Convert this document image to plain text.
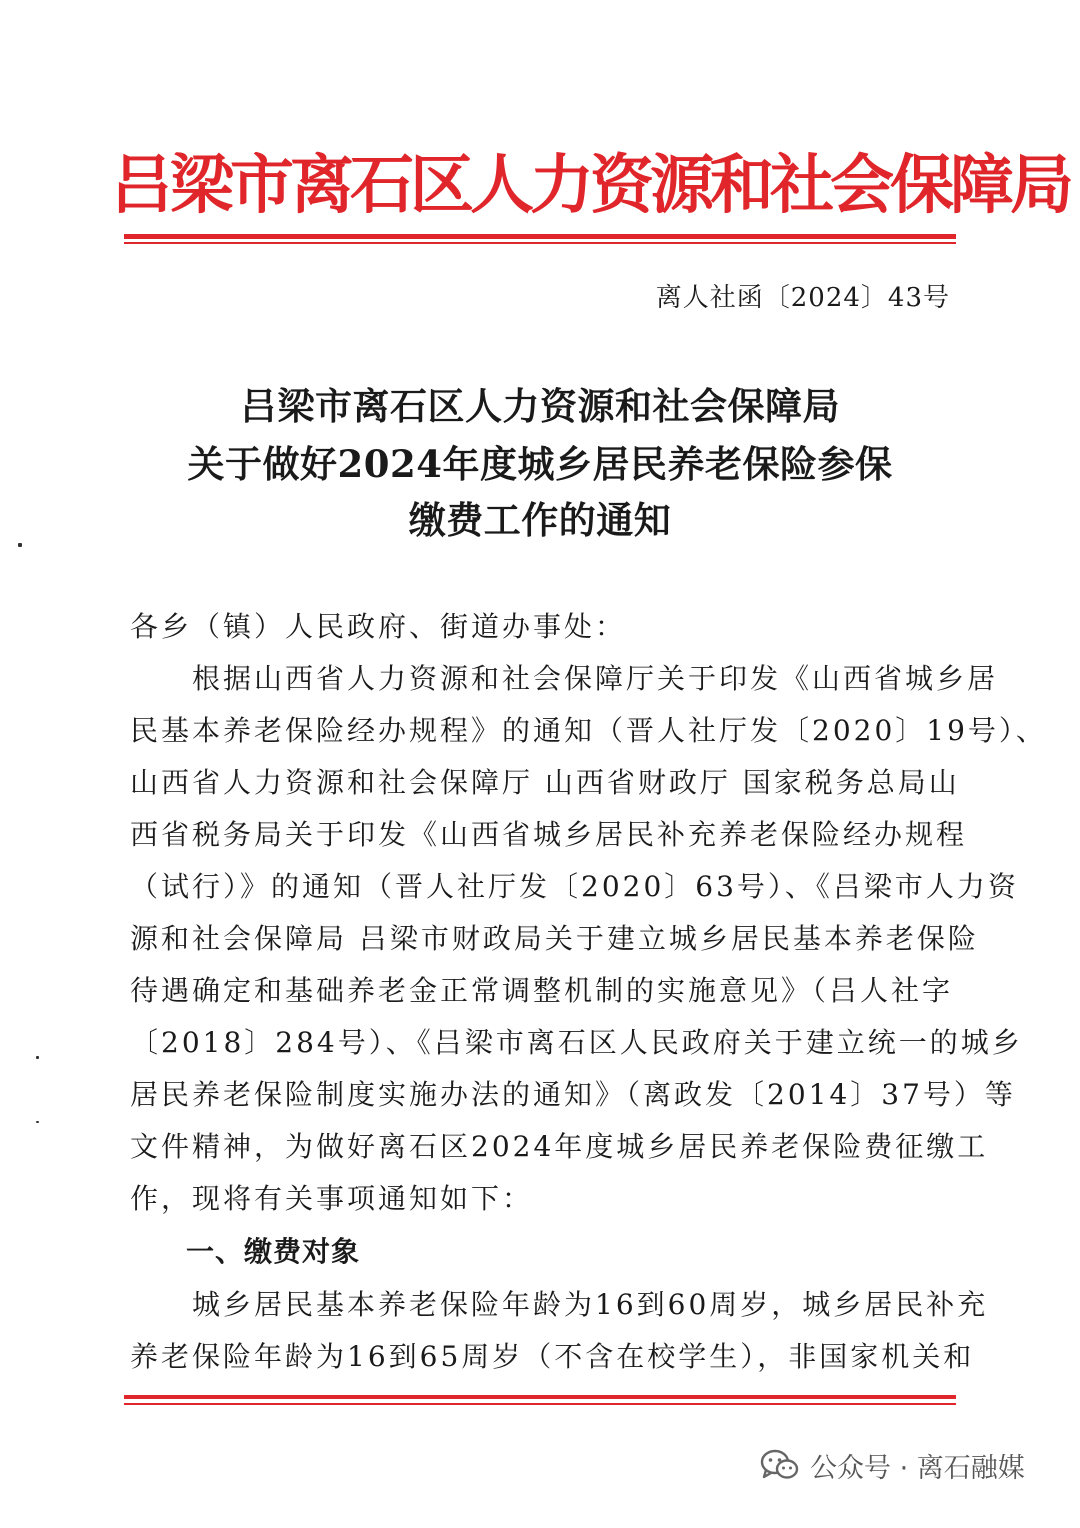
吕梁市离石区人力资源和社会保障局
离人社函〔2024〕43号
吕梁市离石区人力资源和社会保障局
关于做好2024年度城乡居民养老保险参保
缴费工作的通知
各乡（镇）人民政府、街道办事处：
　　根据山西省人力资源和社会保障厅关于印发《山西省城乡居
民基本养老保险经办规程》的通知（晋人社厅发〔2020〕19号）、
山西省人力资源和社会保障厅 山西省财政厅 国家税务总局山
西省税务局关于印发《山西省城乡居民补充养老保险经办规程
（试行）》的通知（晋人社厅发〔2020〕63号）、《吕梁市人力资
源和社会保障局 吕梁市财政局关于建立城乡居民基本养老保险
待遇确定和基础养老金正常调整机制的实施意见》（吕人社字
〔2018〕284号）、《吕梁市离石区人民政府关于建立统一的城乡
居民养老保险制度实施办法的通知》（离政发〔2014〕37号）等
文件精神，为做好离石区2024年度城乡居民养老保险费征缴工
作，现将有关事项通知如下：
一、缴费对象
　　城乡居民基本养老保险年龄为16到60周岁，城乡居民补充
养老保险年龄为16到65周岁（不含在校学生），非国家机关和
公众号 · 离石融媒
